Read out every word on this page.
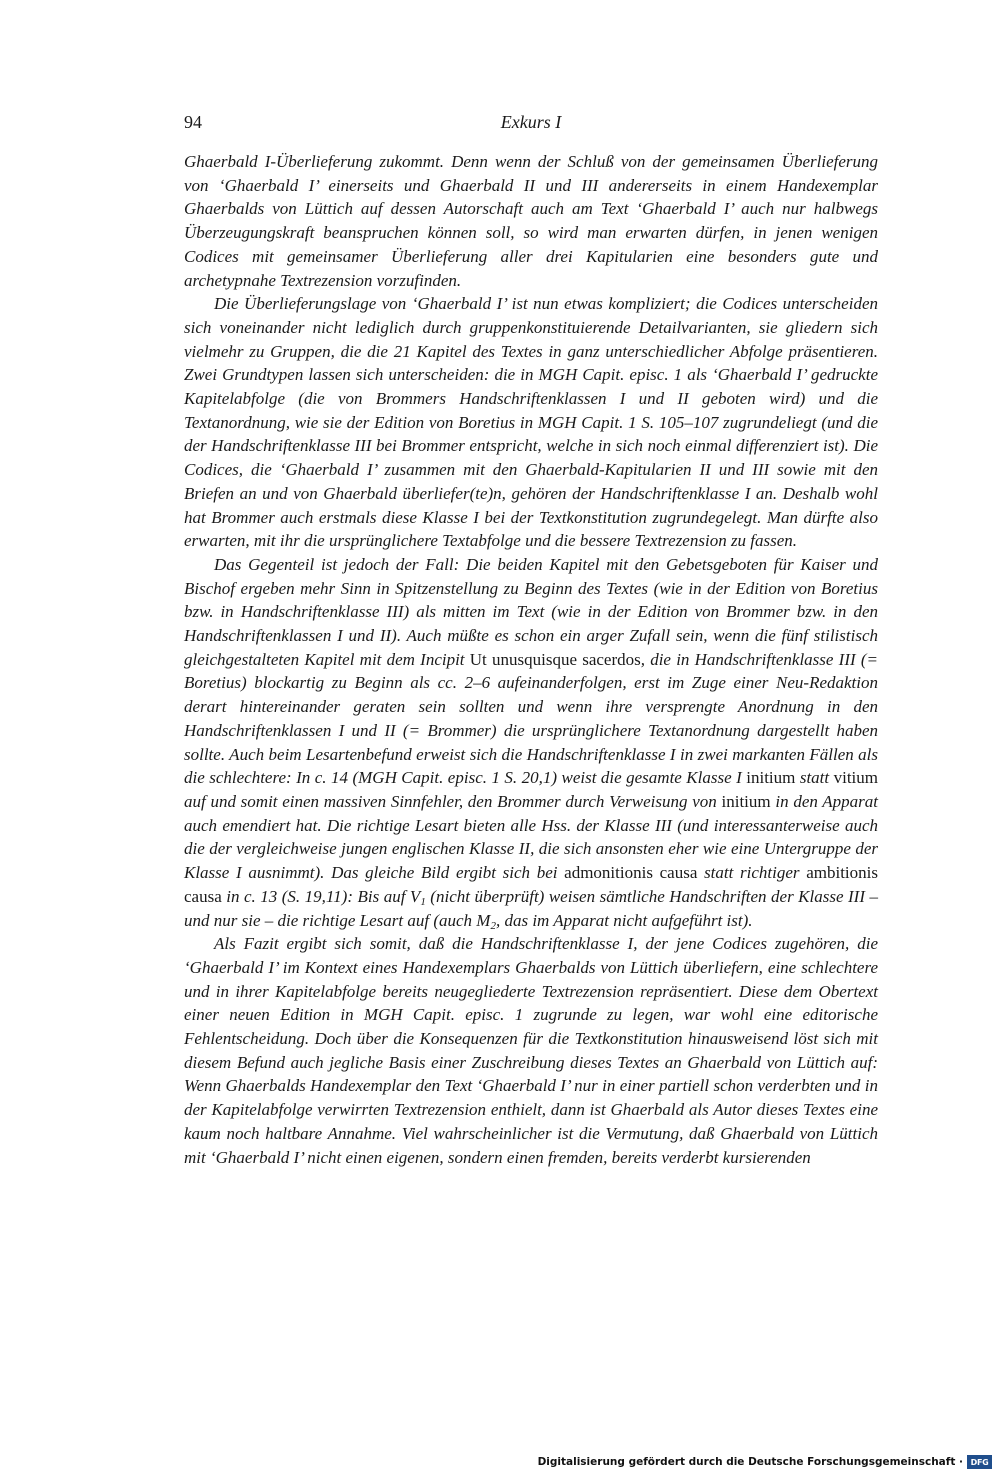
94	Exkurs I

Ghaerbald I-Überlieferung zukommt. Denn wenn der Schluß von der gemeinsamen Überlieferung von ‘Ghaerbald I’ einerseits und Ghaerbald II und III andererseits in einem Handexemplar Ghaerbalds von Lüttich auf dessen Autorschaft auch am Text ‘Ghaerbald I’ auch nur halbwegs Überzeugungskraft beanspruchen können soll, so wird man erwarten dürfen, in jenen wenigen Codices mit gemeinsamer Überlieferung aller drei Kapitularien eine besonders gute und archetypnahe Textrezension vorzufinden.

Die Überlieferungslage von ‘Ghaerbald I’ ist nun etwas kompliziert; die Codices unterscheiden sich voneinander nicht lediglich durch gruppenkonstituierende Detailvarianten, sie gliedern sich vielmehr zu Gruppen, die die 21 Kapitel des Textes in ganz unterschiedlicher Abfolge präsentieren. Zwei Grundtypen lassen sich unterscheiden: die in MGH Capit. episc. 1 als ‘Ghaerbald I’ gedruckte Kapitelabfolge (die von Brommers Handschriftenklassen I und II geboten wird) und die Textanordnung, wie sie der Edition von Boretius in MGH Capit. 1 S. 105–107 zugrundeliegt (und die der Handschriftenklasse III bei Brommer entspricht, welche in sich noch einmal differenziert ist). Die Codices, die ‘Ghaerbald I’ zusammen mit den Ghaerbald-Kapitularien II und III sowie mit den Briefen an und von Ghaerbald überliefer(te)n, gehören der Handschriftenklasse I an. Deshalb wohl hat Brommer auch erstmals diese Klasse I bei der Textkonstitution zugrundegelegt. Man dürfte also erwarten, mit ihr die ursprünglichere Textabfolge und die bessere Textrezension zu fassen.

Das Gegenteil ist jedoch der Fall: Die beiden Kapitel mit den Gebetsgeboten für Kaiser und Bischof ergeben mehr Sinn in Spitzenstellung zu Beginn des Textes (wie in der Edition von Boretius bzw. in Handschriftenklasse III) als mitten im Text (wie in der Edition von Brommer bzw. in den Handschriftenklassen I und II). Auch müßte es schon ein arger Zufall sein, wenn die fünf stilistisch gleichgestalteten Kapitel mit dem Incipit Ut unusquisque sacerdos, die in Handschriftenklasse III (= Boretius) blockartig zu Beginn als cc. 2–6 aufeinanderfolgen, erst im Zuge einer Neu-Redaktion derart hintereinander geraten sein sollten und wenn ihre versprengte Anordnung in den Handschriftenklassen I und II (= Brommer) die ursprünglichere Textanordnung dargestellt haben sollte. Auch beim Lesartenbefund erweist sich die Handschriftenklasse I in zwei markanten Fällen als die schlechtere: In c. 14 (MGH Capit. episc. 1 S. 20,1) weist die gesamte Klasse I initium statt vitium auf und somit einen massiven Sinnfehler, den Brommer durch Verweisung von initium in den Apparat auch emendiert hat. Die richtige Lesart bieten alle Hss. der Klasse III (und interessanterweise auch die der vergleichweise jungen englischen Klasse II, die sich ansonsten eher wie eine Untergruppe der Klasse I ausnimmt). Das gleiche Bild ergibt sich bei admonitionis causa statt richtiger ambitionis causa in c. 13 (S. 19,11): Bis auf $V_1$ (nicht überprüft) weisen sämtliche Handschriften der Klasse III – und nur sie – die richtige Lesart auf (auch $M_2$, das im Apparat nicht aufgeführt ist).

Als Fazit ergibt sich somit, daß die Handschriftenklasse I, der jene Codices zugehören, die ‘Ghaerbald I’ im Kontext eines Handexemplars Ghaerbalds von Lüttich überliefern, eine schlechtere und in ihrer Kapitelabfolge bereits neugegliederte Textrezension repräsentiert. Diese dem Obertext einer neuen Edition in MGH Capit. episc. 1 zugrunde zu legen, war wohl eine editorische Fehlentscheidung. Doch über die Konsequenzen für die Textkonstitution hinausweisend löst sich mit diesem Befund auch jegliche Basis einer Zuschreibung dieses Textes an Ghaerbald von Lüttich auf: Wenn Ghaerbalds Handexemplar den Text ‘Ghaerbald I’ nur in einer partiell schon verderbten und in der Kapitelabfolge verwirrten Textrezension enthielt, dann ist Ghaerbald als Autor dieses Textes eine kaum noch haltbare Annahme. Viel wahrscheinlicher ist die Vermutung, daß Ghaerbald von Lüttich mit ‘Ghaerbald I’ nicht einen eigenen, sondern einen fremden, bereits verderbt kursierenden

Digitalisierung gefördert durch die Deutsche Forschungsgemeinschaft · DFG
